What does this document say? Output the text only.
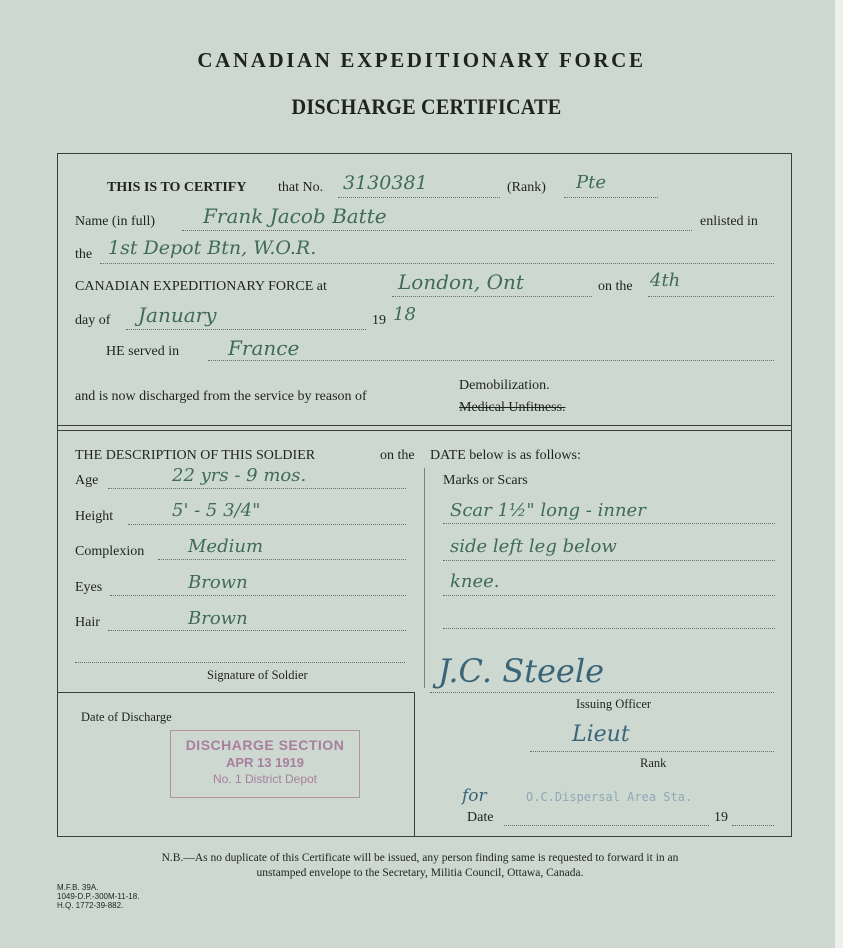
CANADIAN EXPEDITIONARY FORCE
DISCHARGE CERTIFICATE
THIS IS TO CERTIFY that No. 3130381	(Rank) Pte
Name (in full) Frank Jacob Batte	enlisted in
the 1st Depot Btn, W.O.R.
CANADIAN EXPEDITIONARY FORCE at	London, Ont	on the 4th
day of January	19 18
HE served in France
and is now discharged from the service by reason of
Demobilization.
Medical Unfitness.
THE DESCRIPTION OF THIS SOLDIER	on the DATE below is as follows:
Age	22 yrs - 9 mos.
Height	5' - 5 3/4"
Complexion Medium
Eyes	Brown
Hair	Brown
Marks or Scars
Scar 1½" long - inner
side left leg below
knee.
Signature of Soldier
Date of Discharge
J.C. Steele
Issuing Officer
Lieut
Rank
for	O.C.Dispersal Area Sta.
Date	19
DISCHARGE SECTION
APR 13 1919
No. 1 District Depot
N.B.—As no duplicate of this Certificate will be issued, any person finding same is requested to forward it in an
unstamped envelope to the Secretary, Militia Council, Ottawa, Canada.
M.F.B. 39A.
1049-D.P.-300M-11-18.
H.Q. 1772-39-882.
